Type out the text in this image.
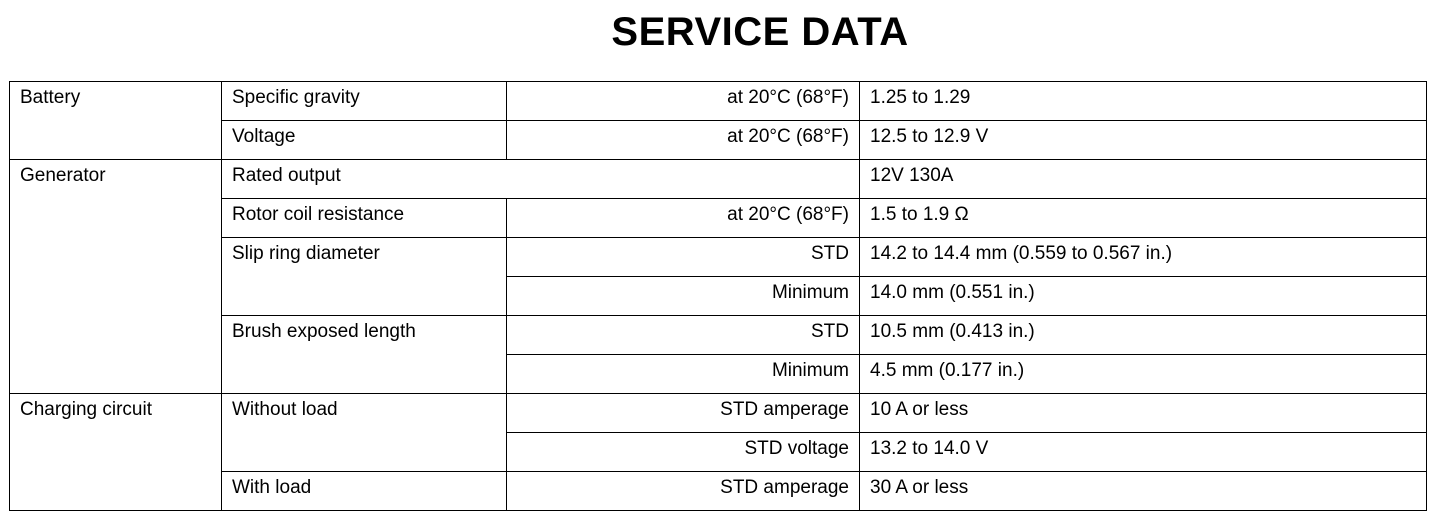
SERVICE DATA
Battery	Specific gravity	at 20°C (68°F)	1.25 to 1.29
	Voltage	at 20°C (68°F)	12.5 to 12.9 V
Generator	Rated output		12V 130A
	Rotor coil resistance	at 20°C (68°F)	1.5 to 1.9 Ω
	Slip ring diameter	STD	14.2 to 14.4 mm (0.559 to 0.567 in.)
		Minimum	14.0 mm (0.551 in.)
	Brush exposed length	STD	10.5 mm (0.413 in.)
		Minimum	4.5 mm (0.177 in.)
Charging circuit	Without load	STD amperage	10 A or less
		STD voltage	13.2 to 14.0 V
	With load	STD amperage	30 A or less
